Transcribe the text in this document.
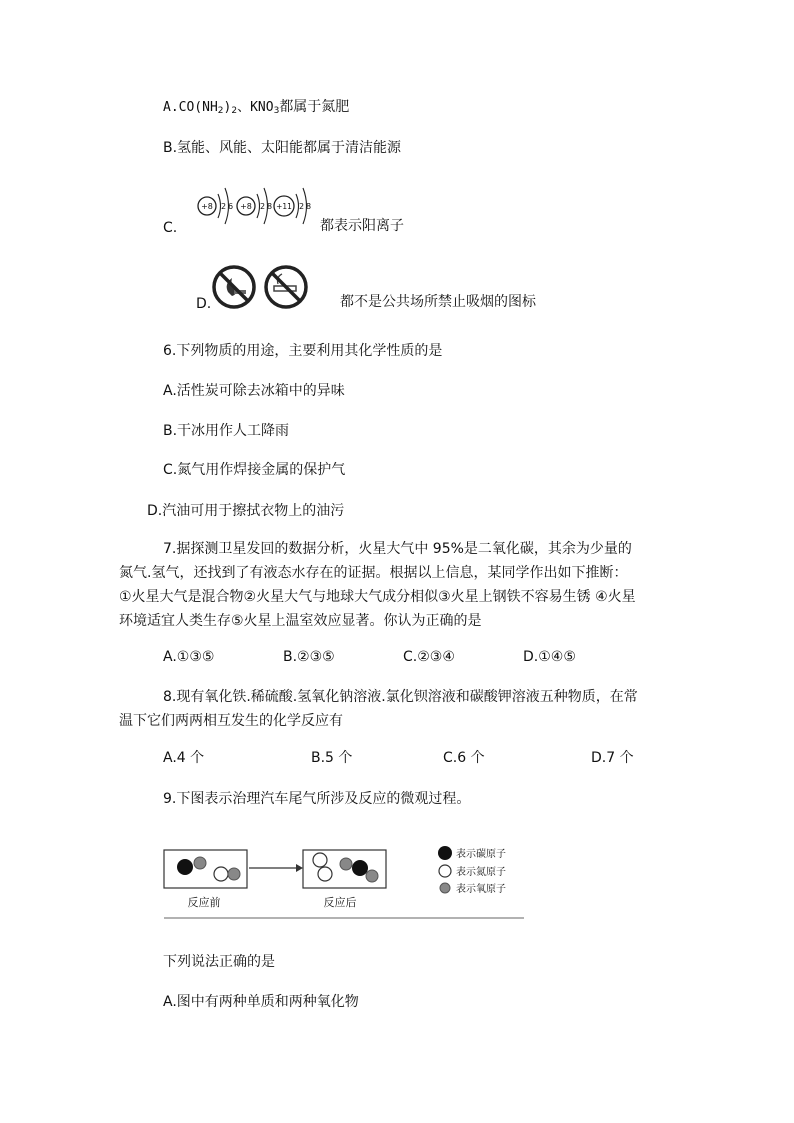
$A.CO(NH_2)_2$、$KNO_3$都属于氮肥
B.氢能、风能、太阳能都属于清洁能源
C.
+8 2 6 +8 2 8 +11 2 8
都表示阳离子
D.	都不是公共场所禁止吸烟的图标
6.下列物质的用途，主要利用其化学性质的是
A.活性炭可除去冰箱中的异味
B.干冰用作人工降雨
C.氮气用作焊接金属的保护气
D.汽油可用于擦拭衣物上的油污
7.据探测卫星发回的数据分析，火星大气中 95%是二氧化碳，其余为少量的氮气.氢气，还找到了有液态水存在的证据。根据以上信息，某同学作出如下推断：①火星大气是混合物②火星大气与地球大气成分相似③火星上钢铁不容易生锈 ④火星环境适宜人类生存⑤火星上温室效应显著。你认为正确的是
A.①③⑤	B.②③⑤	C.②③④	D.①④⑤
8.现有氧化铁.稀硫酸.氢氧化钠溶液.氯化钡溶液和碳酸钾溶液五种物质，在常温下它们两两相互发生的化学反应有
A.4 个	B.5 个	C.6 个	D.7 个
9.下图表示治理汽车尾气所涉及反应的微观过程。
反应前	反应后
表示碳原子
表示氮原子
表示氧原子
下列说法正确的是
A.图中有两种单质和两种氧化物
